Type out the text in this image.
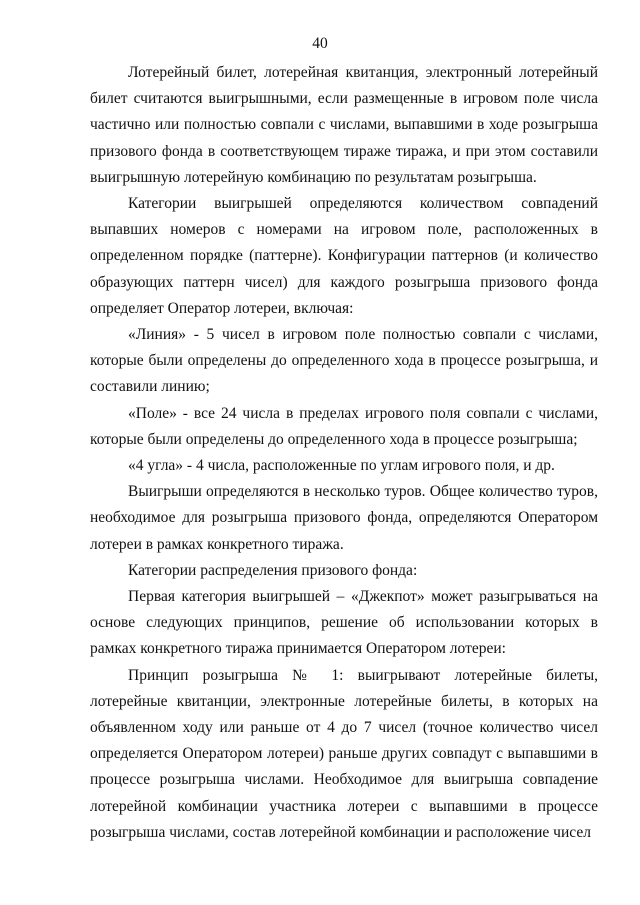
40

Лотерейный билет, лотерейная квитанция, электронный лотерейный билет считаются выигрышными, если размещенные в игровом поле числа частично или полностью совпали с числами, выпавшими в ходе розыгрыша призового фонда в соответствующем тираже тиража, и при этом составили выигрышную лотерейную комбинацию по результатам розыгрыша.

Категории выигрышей определяются количеством совпадений выпавших номеров с номерами на игровом поле, расположенных в определенном порядке (паттерне). Конфигурации паттернов (и количество образующих паттерн чисел) для каждого розыгрыша призового фонда определяет Оператор лотереи, включая:

«Линия» - 5 чисел в игровом поле полностью совпали с числами, которые были определены до определенного хода в процессе розыгрыша, и составили линию;

«Поле» - все 24 числа в пределах игрового поля совпали с числами, которые были определены до определенного хода в процессе розыгрыша;

«4 угла» - 4 числа, расположенные по углам игрового поля, и др.

Выигрыши определяются в несколько туров. Общее количество туров, необходимое для розыгрыша призового фонда, определяются Оператором лотереи в рамках конкретного тиража.

Категории распределения призового фонда:

Первая категория выигрышей – «Джекпот» может разыгрываться на основе следующих принципов, решение об использовании которых в рамках конкретного тиража принимается Оператором лотереи:

Принцип розыгрыша № 1: выигрывают лотерейные билеты, лотерейные квитанции, электронные лотерейные билеты, в которых на объявленном ходу или раньше от 4 до 7 чисел (точное количество чисел определяется Оператором лотереи) раньше других совпадут с выпавшими в процессе розыгрыша числами. Необходимое для выигрыша совпадение лотерейной комбинации участника лотереи с выпавшими в процессе розыгрыша числами, состав лотерейной комбинации и расположение чисел
